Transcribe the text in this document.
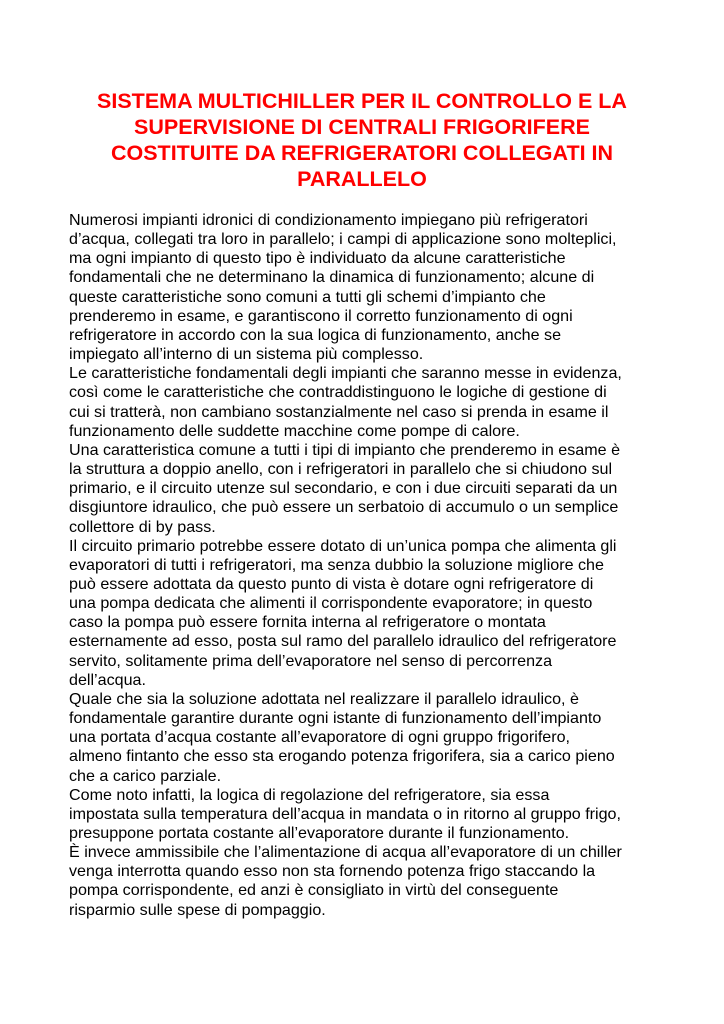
SISTEMA MULTICHILLER PER IL CONTROLLO E LA
SUPERVISIONE DI CENTRALI FRIGORIFERE
COSTITUITE DA REFRIGERATORI COLLEGATI IN
PARALLELO
Numerosi impianti idronici di condizionamento impiegano più refrigeratori
d’acqua, collegati tra loro in parallelo; i campi di applicazione sono molteplici,
ma ogni impianto di questo tipo è individuato da alcune caratteristiche
fondamentali che ne determinano la dinamica di funzionamento; alcune di
queste caratteristiche sono comuni a tutti gli schemi d’impianto che
prenderemo in esame, e garantiscono il corretto funzionamento di ogni
refrigeratore in accordo con la sua logica di funzionamento, anche se
impiegato all’interno di un sistema più complesso.
Le caratteristiche fondamentali degli impianti che saranno messe in evidenza,
così come le caratteristiche che contraddistinguono le logiche di gestione di
cui si tratterà, non cambiano sostanzialmente nel caso si prenda in esame il
funzionamento delle suddette macchine come pompe di calore.
Una caratteristica comune a tutti i tipi di impianto che prenderemo in esame è
la struttura a doppio anello, con i refrigeratori in parallelo che si chiudono sul
primario, e il circuito utenze sul secondario, e con i due circuiti separati da un
disgiuntore idraulico, che può essere un serbatoio di accumulo o un semplice
collettore di by pass.
Il circuito primario potrebbe essere dotato di un’unica pompa che alimenta gli
evaporatori di tutti i refrigeratori, ma senza dubbio la soluzione migliore che
può essere adottata da questo punto di vista è dotare ogni refrigeratore di
una pompa dedicata che alimenti il corrispondente evaporatore; in questo
caso la pompa può essere fornita interna al refrigeratore o montata
esternamente ad esso, posta sul ramo del parallelo idraulico del refrigeratore
servito, solitamente prima dell’evaporatore nel senso di percorrenza
dell’acqua.
Quale che sia la soluzione adottata nel realizzare il parallelo idraulico, è
fondamentale garantire durante ogni istante di funzionamento dell’impianto
una portata d’acqua costante all’evaporatore di ogni gruppo frigorifero,
almeno fintanto che esso sta erogando potenza frigorifera, sia a carico pieno
che a carico parziale.
Come noto infatti, la logica di regolazione del refrigeratore, sia essa
impostata sulla temperatura dell’acqua in mandata o in ritorno al gruppo frigo,
presuppone portata costante all’evaporatore durante il funzionamento.
È invece ammissibile che l’alimentazione di acqua all’evaporatore di un chiller
venga interrotta quando esso non sta fornendo potenza frigo staccando la
pompa corrispondente, ed anzi è consigliato in virtù del conseguente
risparmio sulle spese di pompaggio.
